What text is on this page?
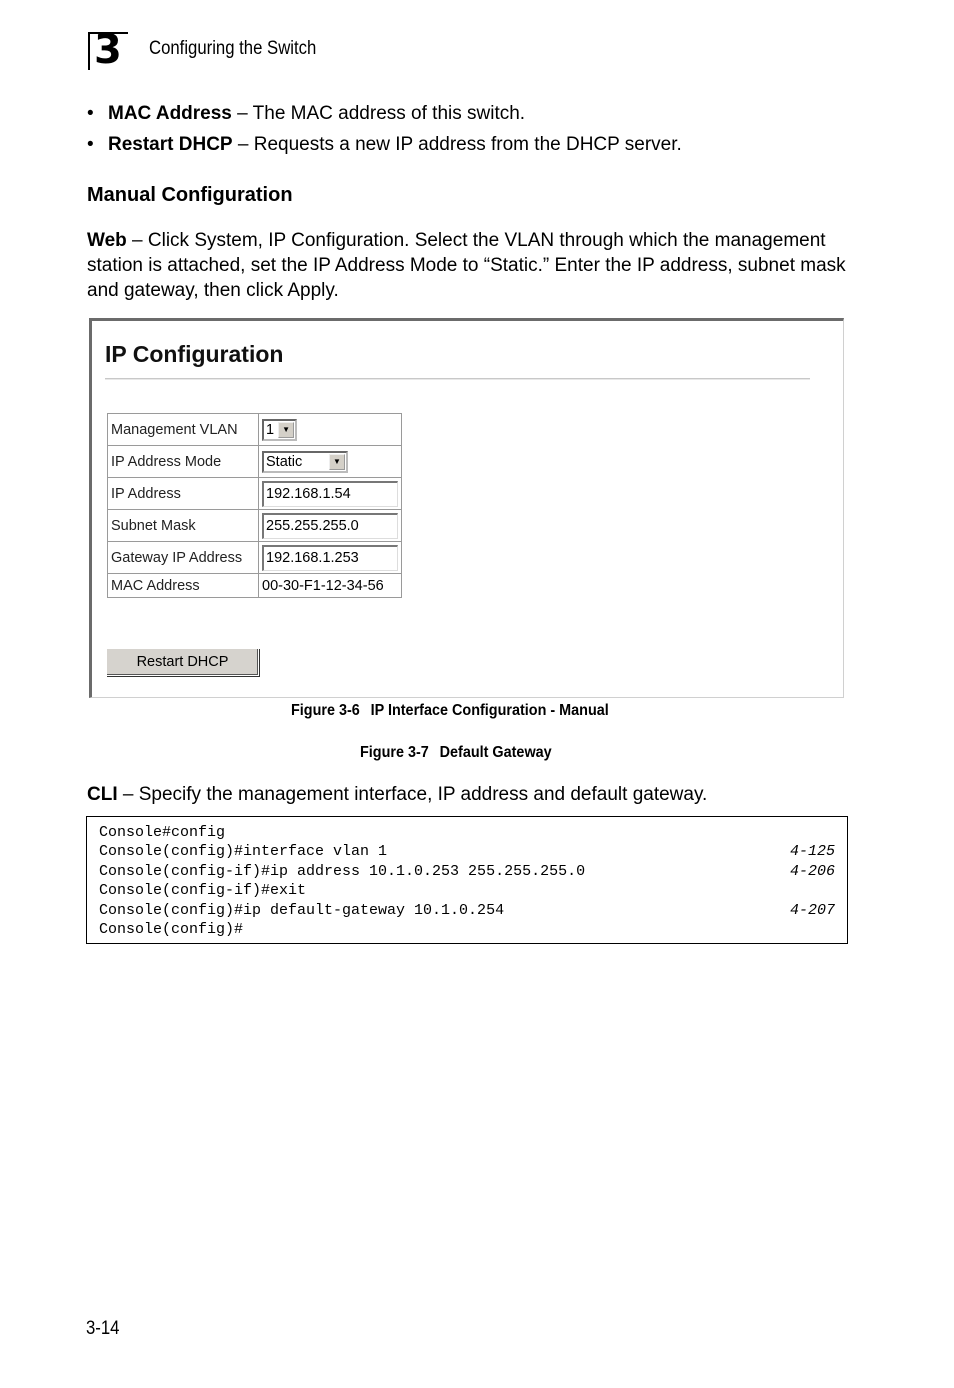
3 Configuring the Switch
• MAC Address – The MAC address of this switch.
• Restart DHCP – Requests a new IP address from the DHCP server.
Manual Configuration
Web – Click System, IP Configuration. Select the VLAN through which the management station is attached, set the IP Address Mode to “Static.” Enter the IP address, subnet mask and gateway, then click Apply.
IP Configuration
Management VLAN	1 ▼

IP Address Mode	Static ▼

IP Address	192.168.1.54
Subnet Mask	255.255.255.0
Gateway IP Address	192.168.1.253
MAC Address	00-30-F1-12-34-56
Restart DHCP
Figure 3-6 IP Interface Configuration - Manual
Figure 3-7 Default Gateway
CLI – Specify the management interface, IP address and default gateway.
Console#config
Console(config)#interface vlan 1	4-125
Console(config-if)#ip address 10.1.0.253 255.255.255.0	4-206
Console(config-if)#exit
Console(config)#ip default-gateway 10.1.0.254	4-207
Console(config)#
3-14
